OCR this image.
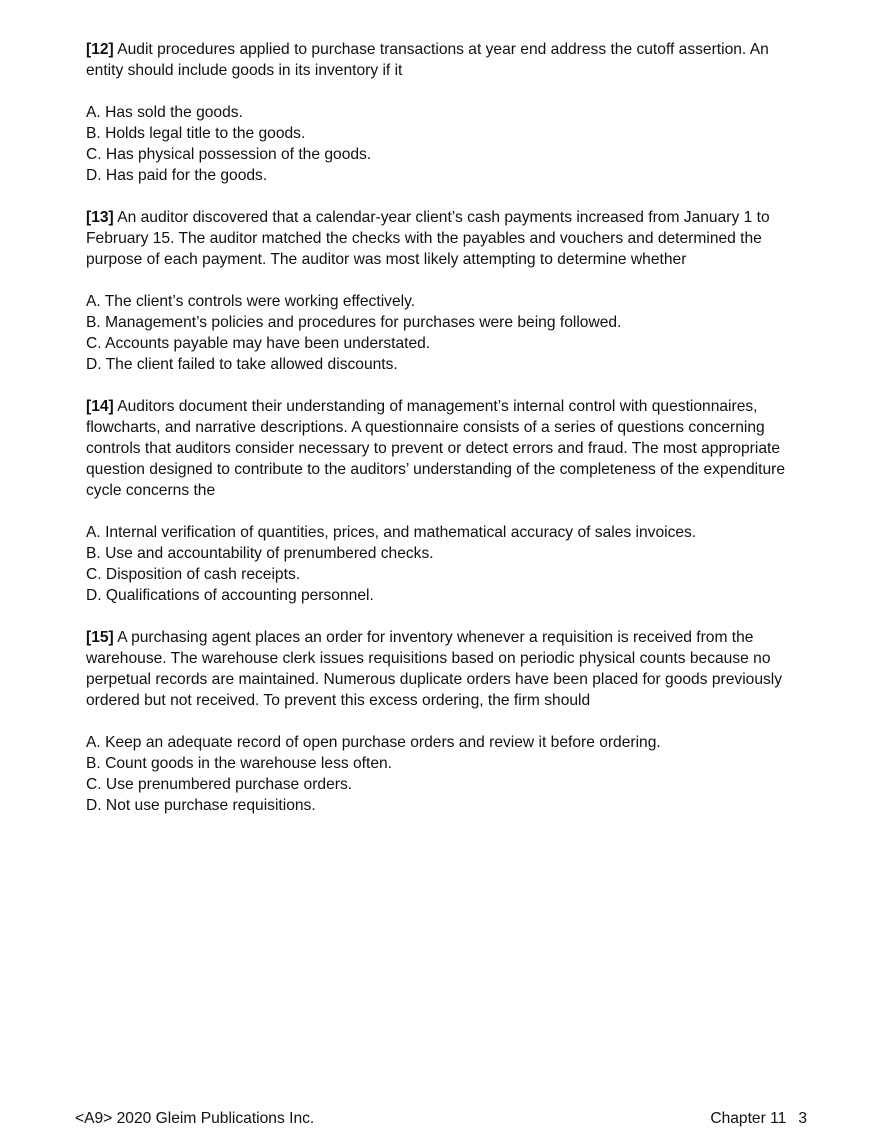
[12] Audit procedures applied to purchase transactions at year end address the cutoff assertion. An entity should include goods in its inventory if it

A. Has sold the goods.
B. Holds legal title to the goods.
C. Has physical possession of the goods.
D. Has paid for the goods.

[13] An auditor discovered that a calendar-year client’s cash payments increased from January 1 to February 15. The auditor matched the checks with the payables and vouchers and determined the purpose of each payment. The auditor was most likely attempting to determine whether

A. The client’s controls were working effectively.
B. Management’s policies and procedures for purchases were being followed.
C. Accounts payable may have been understated.
D. The client failed to take allowed discounts.

[14] Auditors document their understanding of management’s internal control with questionnaires, flowcharts, and narrative descriptions. A questionnaire consists of a series of questions concerning controls that auditors consider necessary to prevent or detect errors and fraud. The most appropriate question designed to contribute to the auditors’ understanding of the completeness of the expenditure cycle concerns the

A. Internal verification of quantities, prices, and mathematical accuracy of sales invoices.
B. Use and accountability of prenumbered checks.
C. Disposition of cash receipts.
D. Qualifications of accounting personnel.

[15] A purchasing agent places an order for inventory whenever a requisition is received from the warehouse. The warehouse clerk issues requisitions based on periodic physical counts because no perpetual records are maintained. Numerous duplicate orders have been placed for goods previously ordered but not received. To prevent this excess ordering, the firm should

A. Keep an adequate record of open purchase orders and review it before ordering.
B. Count goods in the warehouse less often.
C. Use prenumbered purchase orders.
D. Not use purchase requisitions.
<A9> 2020 Gleim Publications Inc.	Chapter 11 3
